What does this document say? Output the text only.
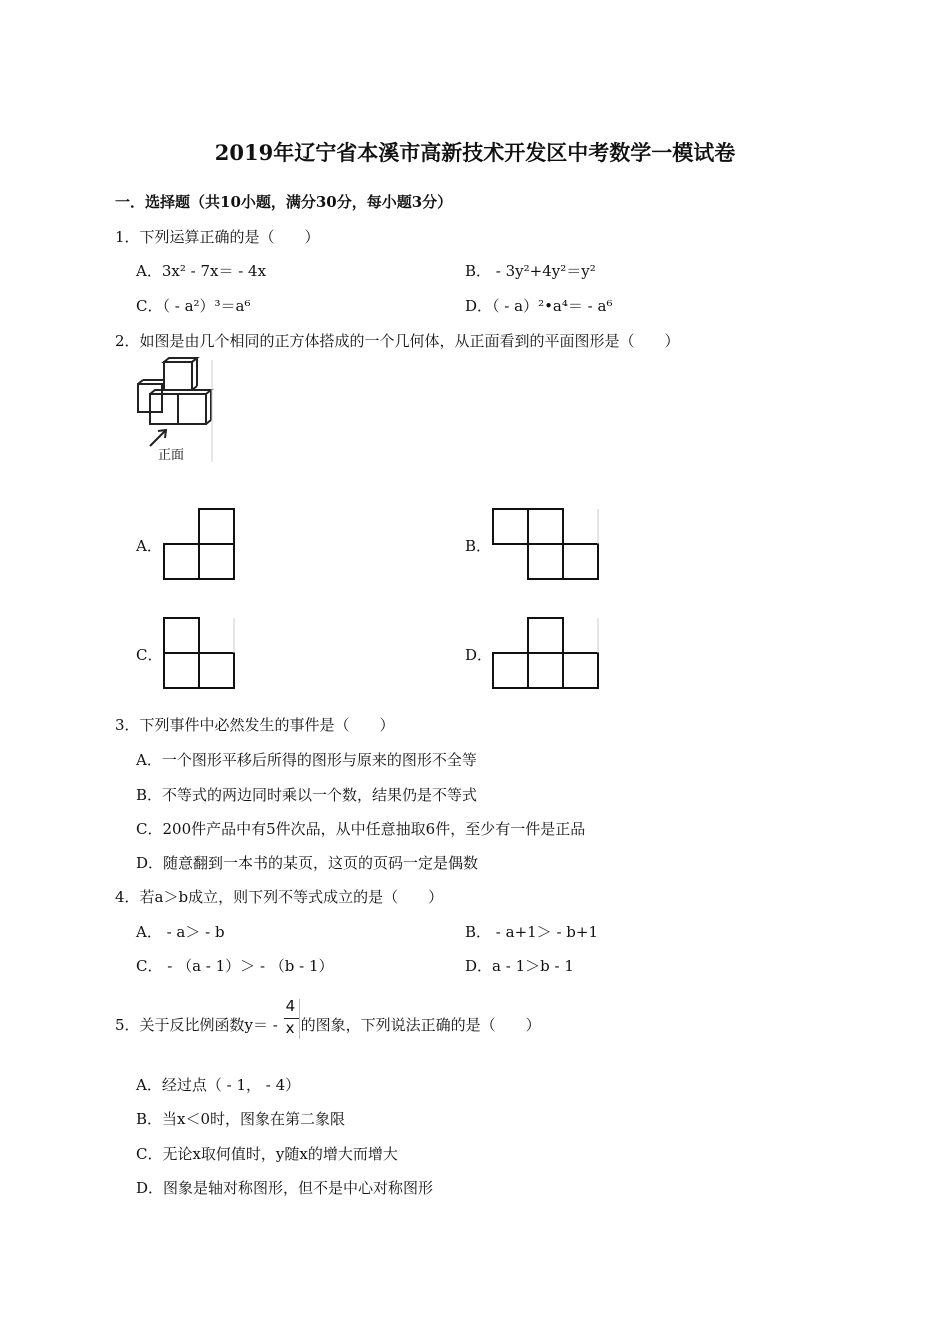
2019年辽宁省本溪市高新技术开发区中考数学一模试卷
一．选择题（共10小题，满分30分，每小题3分）
1．下列运算正确的是（　　）
A．3x² - 7x＝ - 4x	B． - 3y²+4y²＝y²
C．（ - a²）³＝a⁶	D．（ - a）²•a⁴＝ - a⁶
2．如图是由几个相同的正方体搭成的一个几何体，从正面看到的平面图形是（　　）
正面
A．	B．
C．	D．
3．下列事件中必然发生的事件是（　　）
A．一个图形平移后所得的图形与原来的图形不全等
B．不等式的两边同时乘以一个数，结果仍是不等式
C．200件产品中有5件次品，从中任意抽取6件，至少有一件是正品
D．随意翻到一本书的某页，这页的页码一定是偶数
4．若a＞b成立，则下列不等式成立的是（　　）
A． - a＞ - b	B． - a+1＞ - b+1
C． - （a - 1）＞ - （b - 1）	D．a - 1＞b - 1
5．关于反比例函数$y= - \frac{4}{x}$ 的图象，下列说法正确的是（　　）
A．经过点（ - 1， - 4）
B．当x＜0时，图象在第二象限
C．无论x取何值时，y随x的增大而增大
D．图象是轴对称图形，但不是中心对称图形
